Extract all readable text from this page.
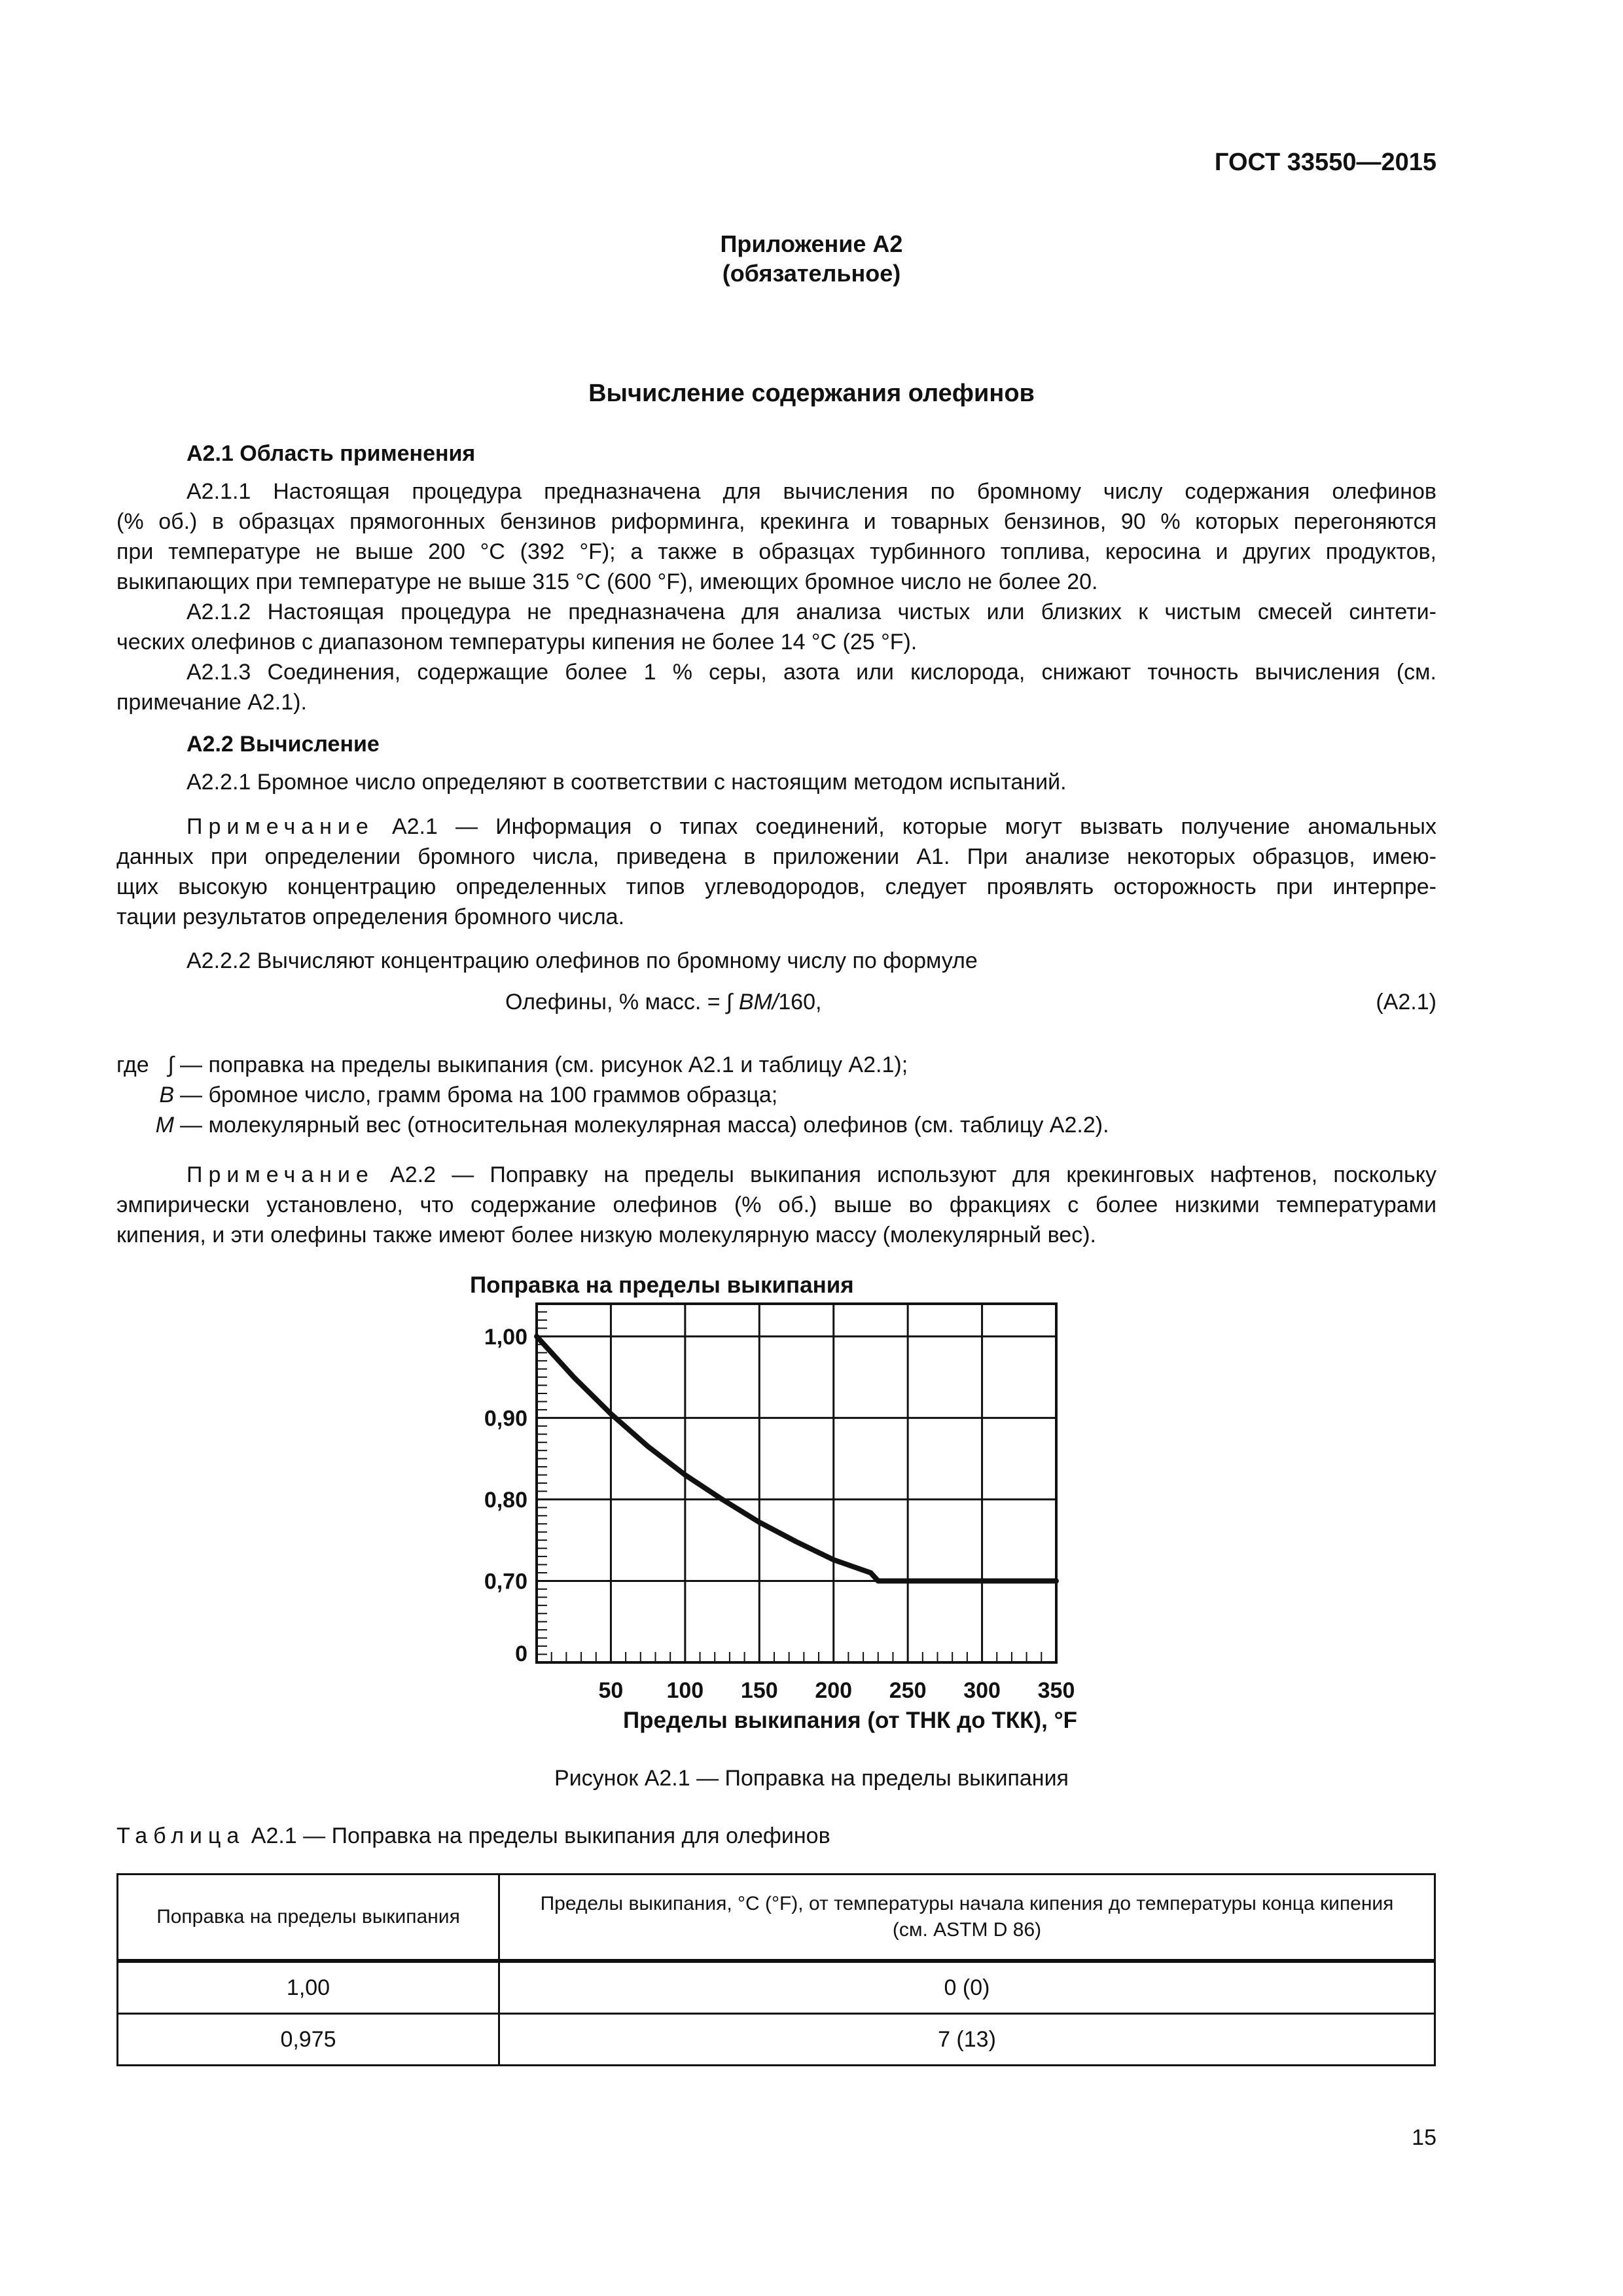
ГОСТ 33550—2015
Приложение А2
(обязательное)
Вычисление содержания олефинов
А2.1 Область применения
А2.1.1 Настоящая процедура предназначена для вычисления по бромному числу содержания олефинов
(% об.) в образцах прямогонных бензинов риформинга, крекинга и товарных бензинов, 90 % которых перегоняются
при температуре не выше 200 °С (392 °F); а также в образцах турбинного топлива, керосина и других продуктов,
выкипающих при температуре не выше 315 °С (600 °F), имеющих бромное число не более 20.
А2.1.2 Настоящая процедура не предназначена для анализа чистых или близких к чистым смесей синтети-
ческих олефинов с диапазоном температуры кипения не более 14 °С (25 °F).
А2.1.3 Соединения, содержащие более 1 % серы, азота или кислорода, снижают точность вычисления (см.
примечание А2.1).
А2.2 Вычисление
А2.2.1 Бромное число определяют в соответствии с настоящим методом испытаний.
Примечание А2.1 — Информация о типах соединений, которые могут вызвать получение аномальных
данных при определении бромного числа, приведена в приложении А1. При анализе некоторых образцов, имею-
щих высокую концентрацию определенных типов углеводородов, следует проявлять осторожность при интерпре-
тации результатов определения бромного числа.
А2.2.2 Вычисляют концентрацию олефинов по бромному числу по формуле
Олефины, % масс. = ∫ BM/160,	(А2.1)
где ∫ — поправка на пределы выкипания (см. рисунок А2.1 и таблицу А2.1);
B — бромное число, грамм брома на 100 граммов образца;
M — молекулярный вес (относительная молекулярная масса) олефинов (см. таблицу А2.2).
Примечание А2.2 — Поправку на пределы выкипания используют для крекинговых нафтенов, поскольку
эмпирически установлено, что содержание олефинов (% об.) выше во фракциях с более низкими температурами
кипения, и эти олефины также имеют более низкую молекулярную массу (молекулярный вес).
50 100 150 200 250 300 350
1,00
0,90
0,80
0,70
0
Поправка на пределы выкипания
Пределы выкипания (от ТНК до ТКК), °F
Рисунок А2.1 — Поправка на пределы выкипания
Таблица А2.1 — Поправка на пределы выкипания для олефинов
Поправка на пределы выкипания	Пределы выкипания, °С (°F), от температуры начала кипения до температуры конца кипения (см. ASTM D 86)
1,00	0 (0)
0,975	7 (13)
15
